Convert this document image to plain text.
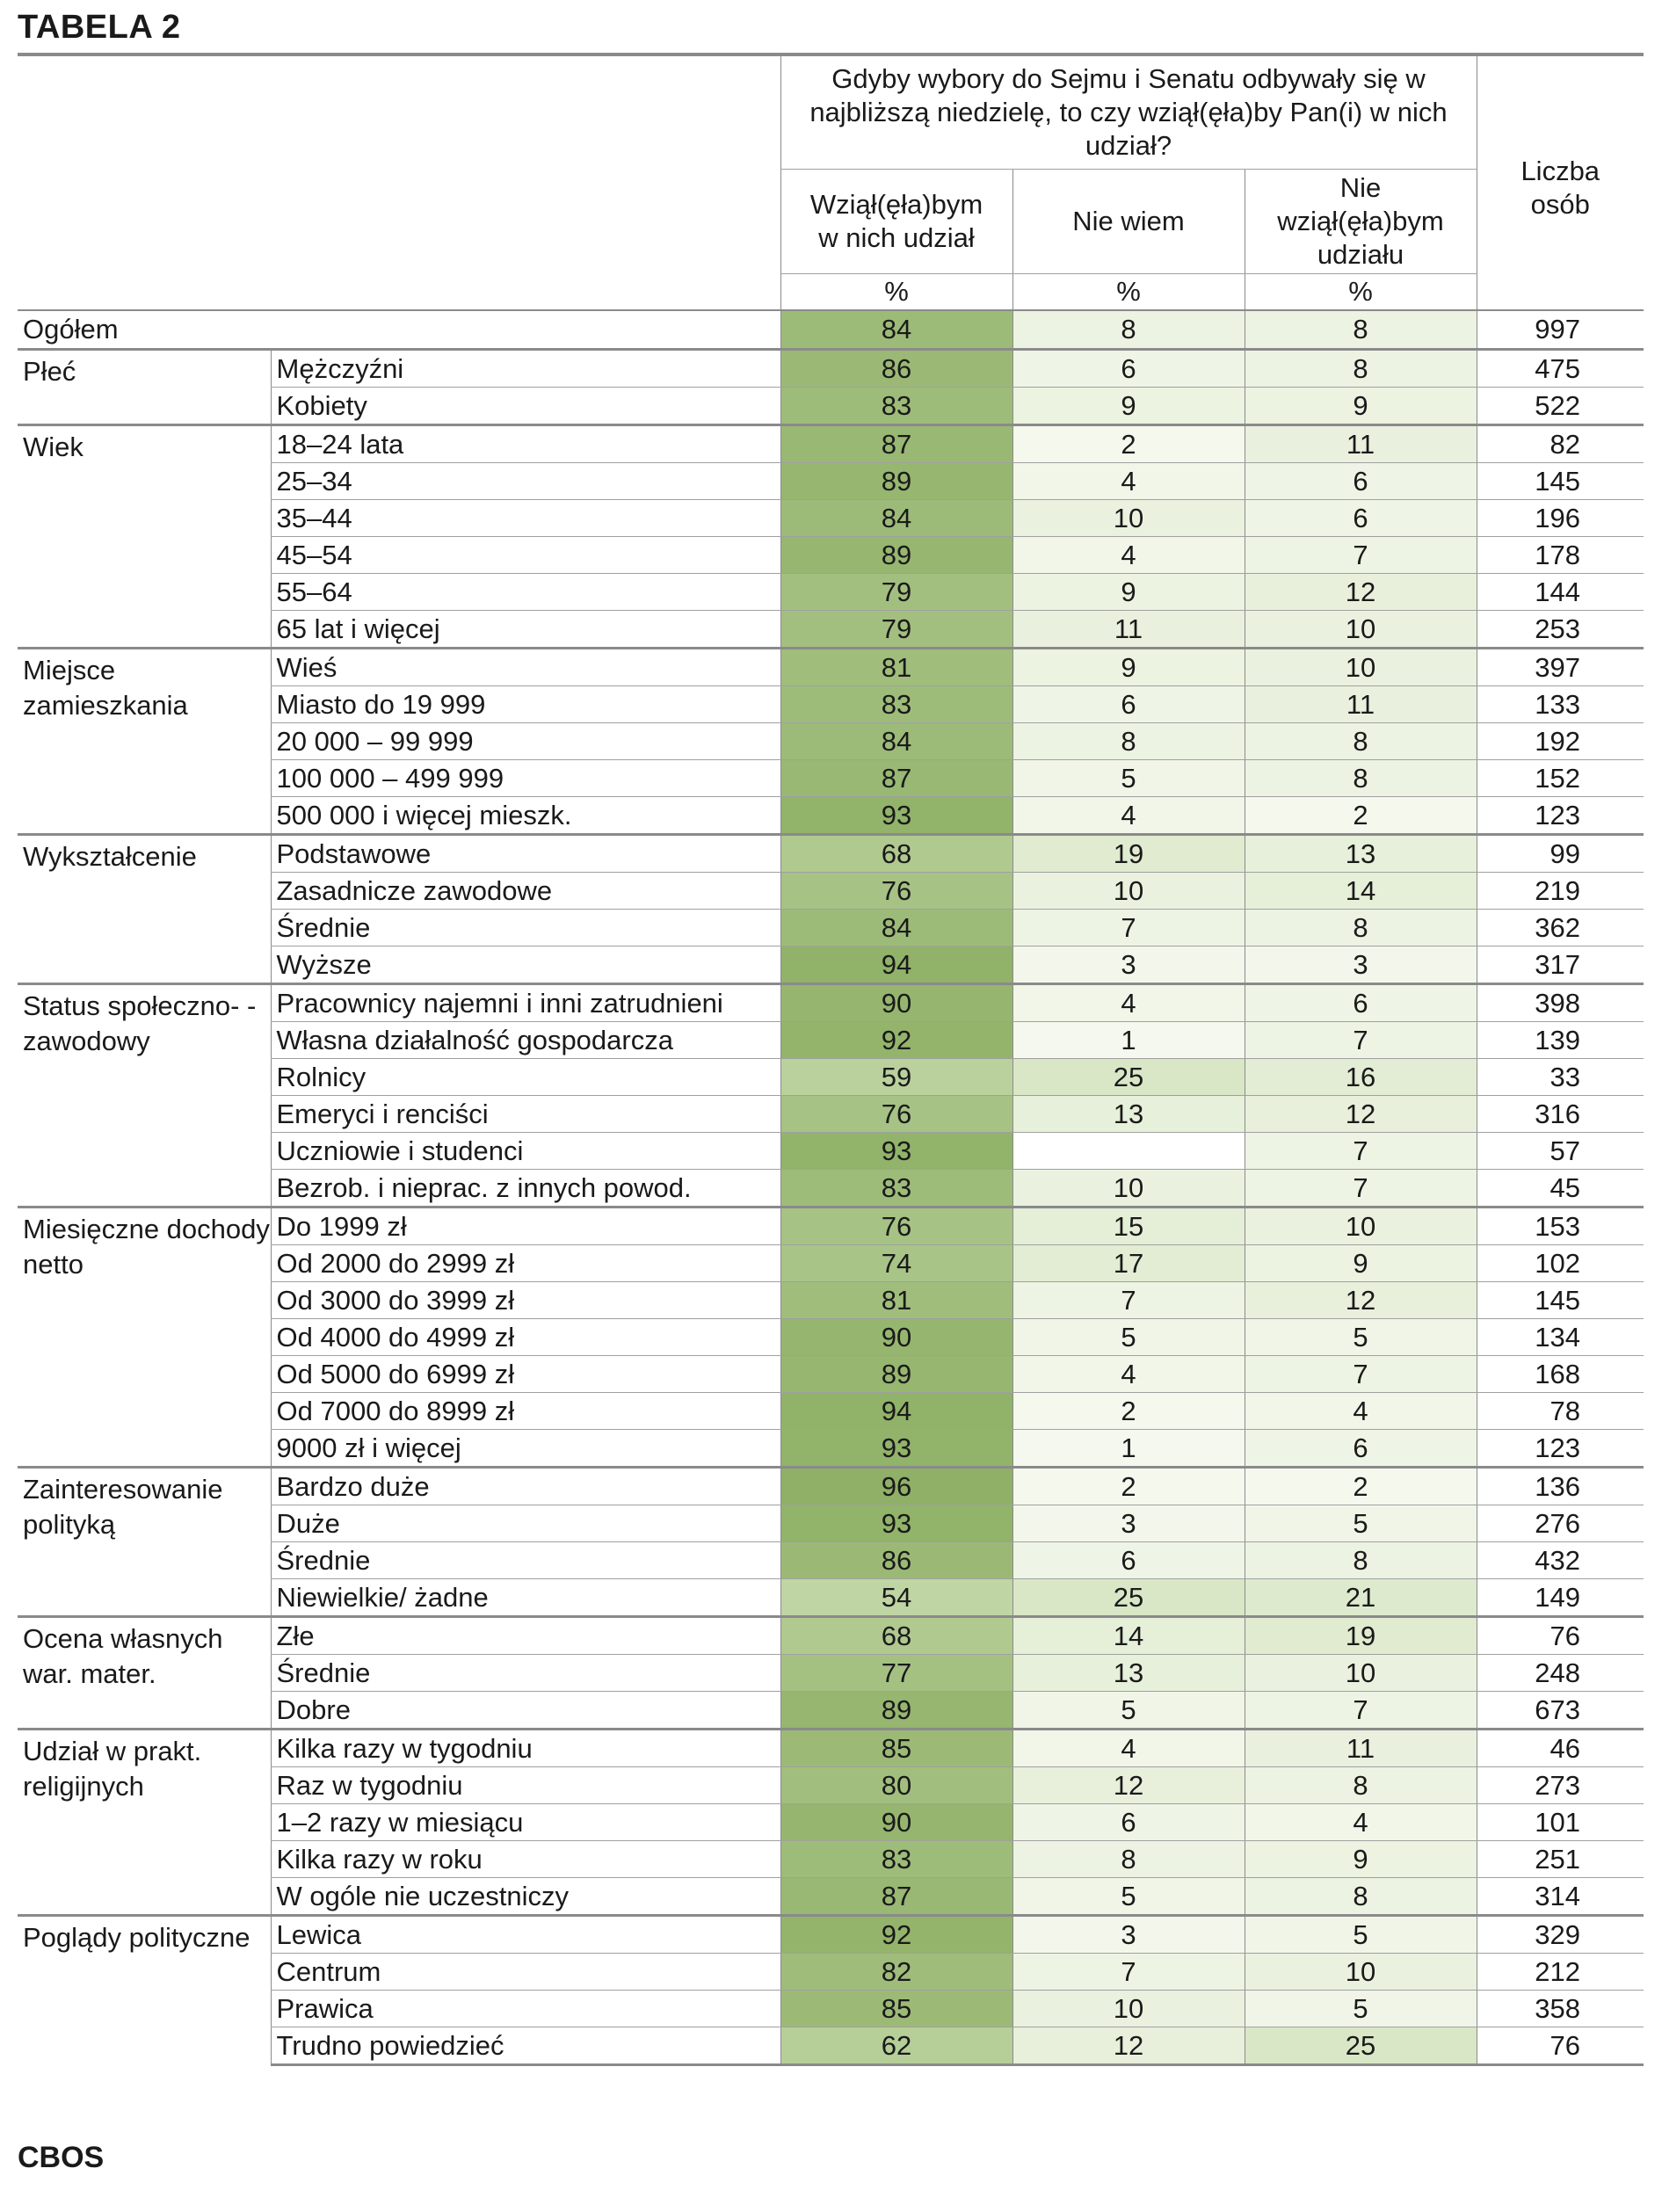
TABELA 2
		Gdyby wybory do Sejmu i Senatu odbywały się w najbliższą niedzielę, to czy wziął(ęła)by Pan(i) w nich udział?			Liczba osób
		Wziął(ęła)bym w nich udział	Nie wiem	Nie wziął(ęła)bym udziału	
		%	%	%	
Ogółem		84	8	8	997
Płeć	Mężczyźni	86	6	8	475
	Kobiety	83	9	9	522
Wiek	18–24 lata	87	2	11	82
	25–34	89	4	6	145
	35–44	84	10	6	196
	45–54	89	4	7	178
	55–64	79	9	12	144
	65 lat i więcej	79	11	10	253
Miejsce zamieszkania	Wieś	81	9	10	397
	Miasto do 19 999	83	6	11	133
	20 000 – 99 999	84	8	8	192
	100 000 – 499 999	87	5	8	152
	500 000 i więcej mieszk.	93	4	2	123
Wykształcenie	Podstawowe	68	19	13	99
	Zasadnicze zawodowe	76	10	14	219
	Średnie	84	7	8	362
	Wyższe	94	3	3	317
Status społeczno- -zawodowy	Pracownicy najemni i inni zatrudnieni	90	4	6	398
	Własna działalność gospodarcza	92	1	7	139
	Rolnicy	59	25	16	33
	Emeryci i renciści	76	13	12	316
	Uczniowie i studenci	93		7	57
	Bezrob. i nieprac. z innych powod.	83	10	7	45
Miesięczne dochody netto	Do 1999 zł	76	15	10	153
	Od 2000 do 2999 zł	74	17	9	102
	Od 3000 do 3999 zł	81	7	12	145
	Od 4000 do 4999 zł	90	5	5	134
	Od 5000 do 6999 zł	89	4	7	168
	Od 7000 do 8999 zł	94	2	4	78
	9000 zł i więcej	93	1	6	123
Zainteresowanie polityką	Bardzo duże	96	2	2	136
	Duże	93	3	5	276
	Średnie	86	6	8	432
	Niewielkie/ żadne	54	25	21	149
Ocena własnych war. mater.	Złe	68	14	19	76
	Średnie	77	13	10	248
	Dobre	89	5	7	673
Udział w prakt. religijnych	Kilka razy w tygodniu	85	4	11	46
	Raz w tygodniu	80	12	8	273
	1–2 razy w miesiącu	90	6	4	101
	Kilka razy w roku	83	8	9	251
	W ogóle nie uczestniczy	87	5	8	314
Poglądy polityczne	Lewica	92	3	5	329
	Centrum	82	7	10	212
	Prawica	85	10	5	358
	Trudno powiedzieć	62	12	25	76
CBOS
